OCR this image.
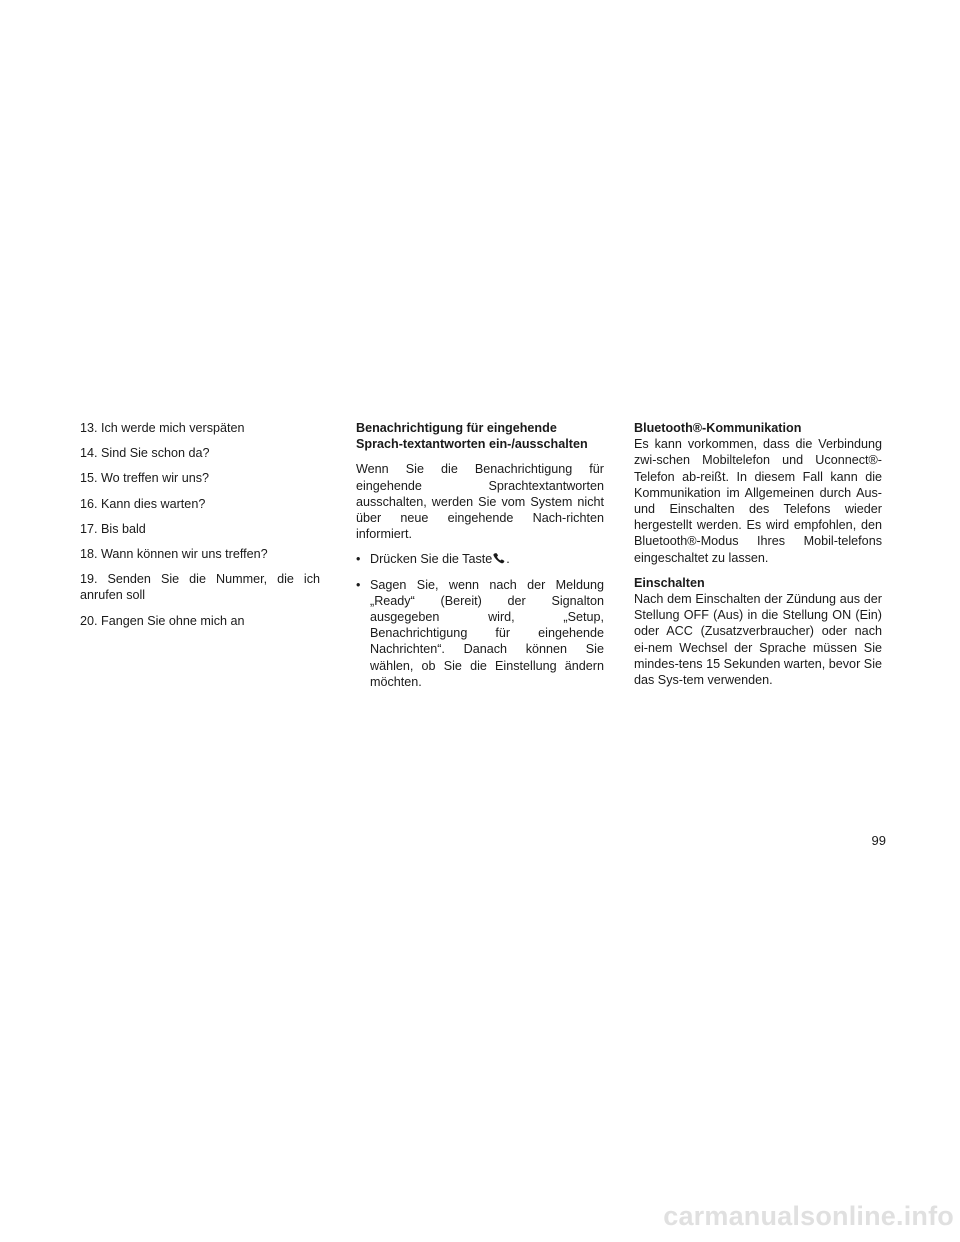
13. Ich werde mich verspäten

14. Sind Sie schon da?

15. Wo treffen wir uns?

16. Kann dies warten?

17. Bis bald

18. Wann können wir uns treffen?

19. Senden Sie die Nummer, die ich anrufen soll

20. Fangen Sie ohne mich an

Benachrichtigung für eingehende Sprach-textantworten ein-/ausschalten

Wenn Sie die Benachrichtigung für eingehende Sprachtextantworten ausschalten, werden Sie vom System nicht über neue eingehende Nach-richten informiert.

• Drücken Sie die Taste .
• Sagen Sie, wenn nach der Meldung „Ready“ (Bereit) der Signalton ausgegeben wird, „Setup, Benachrichtigung für eingehende Nachrichten“. Danach können Sie wählen, ob Sie die Einstellung ändern möchten.

Bluetooth®-Kommunikation

Es kann vorkommen, dass die Verbindung zwi-schen Mobiltelefon und Uconnect®-Telefon ab-reißt. In diesem Fall kann die Kommunikation im Allgemeinen durch Aus- und Einschalten des Telefons wieder hergestellt werden. Es wird empfohlen, den Bluetooth®-Modus Ihres Mobil-telefons eingeschaltet zu lassen.

Einschalten

Nach dem Einschalten der Zündung aus der Stellung OFF (Aus) in die Stellung ON (Ein) oder ACC (Zusatzverbraucher) oder nach ei-nem Wechsel der Sprache müssen Sie mindes-tens 15 Sekunden warten, bevor Sie das Sys-tem verwenden.

99
carmanualsonline.info
